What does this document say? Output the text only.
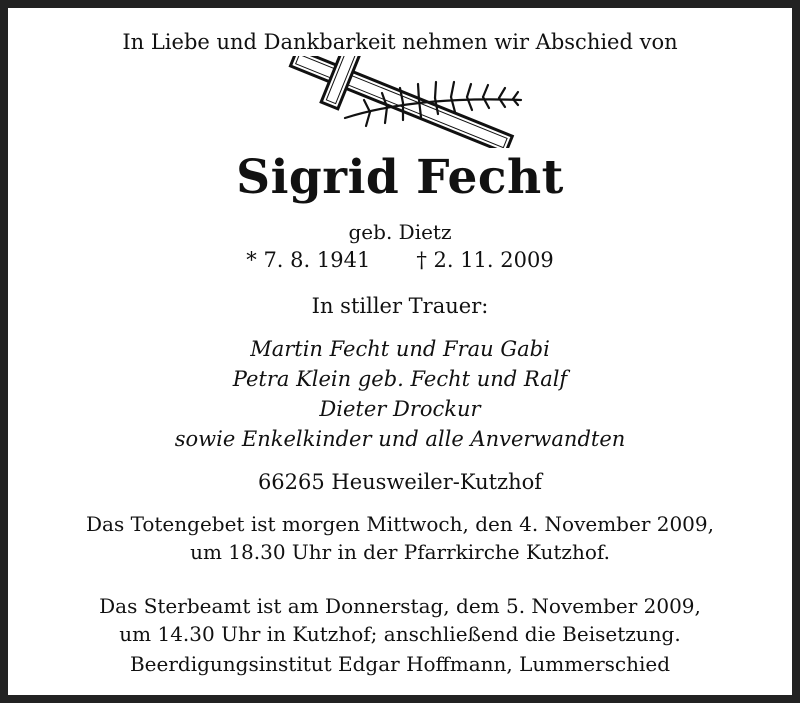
In Liebe und Dankbarkeit nehmen wir Abschied von
Sigrid Fecht
geb. Dietz
* 7. 8. 1941 † 2. 11. 2009
In stiller Trauer:
Martin Fecht und Frau Gabi
Petra Klein geb. Fecht und Ralf
Dieter Drockur
sowie Enkelkinder und alle Anverwandten
66265 Heusweiler-Kutzhof
Das Totengebet ist morgen Mittwoch, den 4. November 2009,
um 18.30 Uhr in der Pfarrkirche Kutzhof.
Das Sterbeamt ist am Donnerstag, dem 5. November 2009,
um 14.30 Uhr in Kutzhof; anschließend die Beisetzung.
Beerdigungsinstitut Edgar Hoffmann, Lummerschied
